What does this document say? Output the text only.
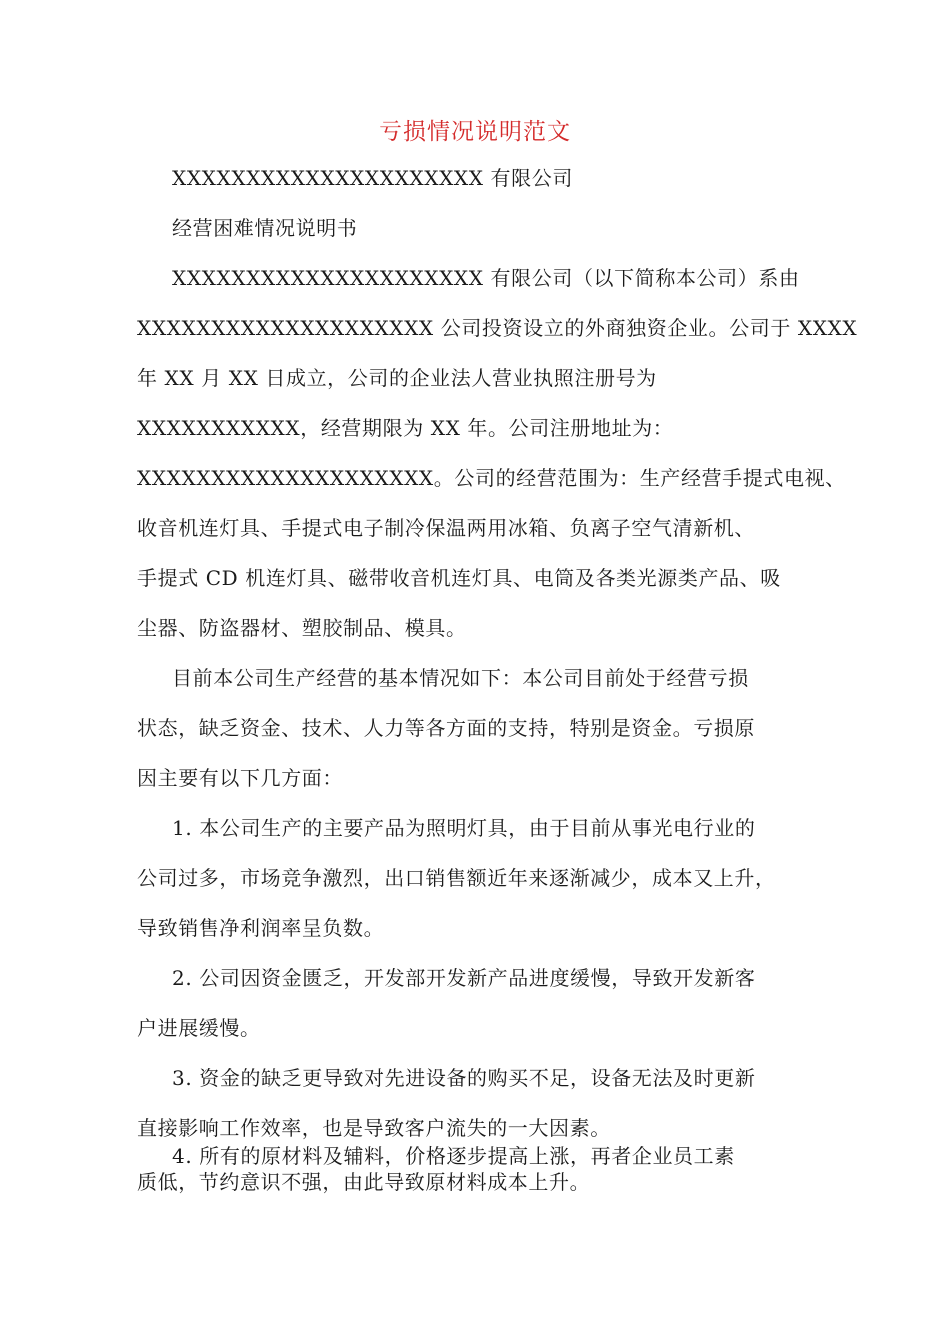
亏损情况说明范文
XXXXXXXXXXXXXXXXXXXXX 有限公司
经营困难情况说明书
XXXXXXXXXXXXXXXXXXXXX 有限公司（以下简称本公司）系由
XXXXXXXXXXXXXXXXXXXX 公司投资设立的外商独资企业。公司于 XXXX
年 XX 月 XX 日成立，公司的企业法人营业执照注册号为
XXXXXXXXXXX，经营期限为 XX 年。公司注册地址为：
XXXXXXXXXXXXXXXXXXXX。公司的经营范围为：生产经营手提式电视、
收音机连灯具、手提式电子制冷保温两用冰箱、负离子空气清新机、
手提式 CD 机连灯具、磁带收音机连灯具、电筒及各类光源类产品、吸
尘器、防盗器材、塑胶制品、模具。
目前本公司生产经营的基本情况如下：本公司目前处于经营亏损
状态，缺乏资金、技术、人力等各方面的支持，特别是资金。亏损原
因主要有以下几方面：
1. 本公司生产的主要产品为照明灯具，由于目前从事光电行业的
公司过多，市场竞争激烈，出口销售额近年来逐渐减少，成本又上升，
导致销售净利润率呈负数。
2. 公司因资金匮乏，开发部开发新产品进度缓慢，导致开发新客
户进展缓慢。
3. 资金的缺乏更导致对先进设备的购买不足，设备无法及时更新
直接影响工作效率，也是导致客户流失的一大因素。
4. 所有的原材料及辅料，价格逐步提高上涨，再者企业员工素
质低，节约意识不强，由此导致原材料成本上升。
